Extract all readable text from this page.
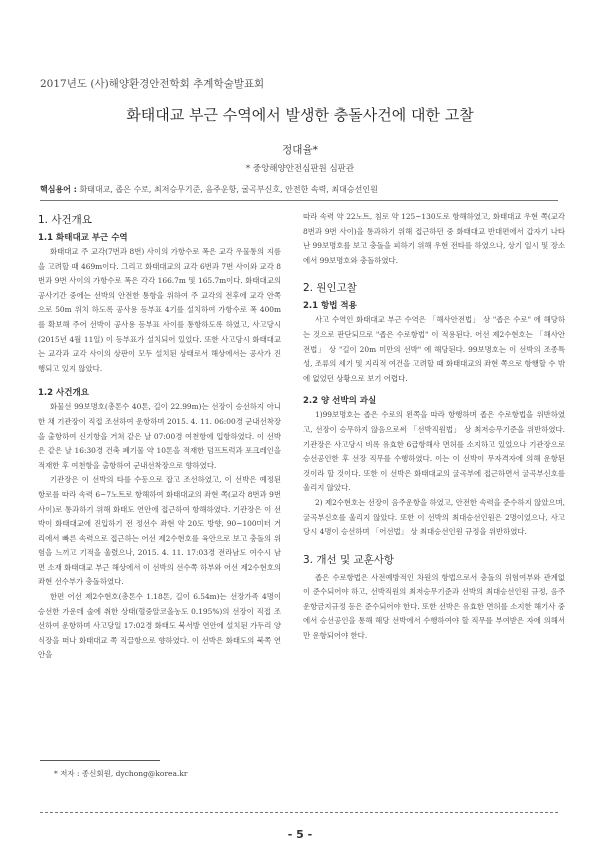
2017년도 (사)해양환경안전학회 추계학술발표회
화태대교 부근 수역에서 발생한 충돌사건에 대한 고찰
정대율*
* 중앙해양안전심판원 심판관
핵심용어 : 화태대교, 좁은 수로, 최저승무기준, 음주운항, 굴곡부신호, 안전한 속력, 최대승선인원
1. 사건개요
1.1 화태대교 부근 수역

화태대교 주 교각(7번과 8번) 사이의 가항수로 폭은 교각 우물통의 지름을 고려할 때 469m이다. 그리고 화태대교의 교각 6번과 7번 사이와 교각 8번과 9번 사이의 가항수로 폭은 각각 166.7m 및 165.7m이다. 화태대교의 공사기간 중에는 선박의 안전한 통항을 위하여 주 교각의 전후에 교각 안쪽으로 50m 위치 하도록 공사용 등부표 4기를 설치하여 가항수로 폭 400m를 확보해 주어 선박이 공사용 등부표 사이를 통항하도록 하였고, 사고당시(2015년 4월 11일) 이 등부표가 설치되어 있었다. 또한 사고당시 화태대교는 교각과 교각 사이의 상판이 모두 설치된 상태로서 해상에서는 공사가 진행되고 있지 않았다.

1.2 사건개요

화물선 99보명호(총톤수 40톤, 길이 22.99m)는 선장이 승선하지 아니한 채 기관장이 직접 조선하여 운항하며 2015. 4. 11. 06:00경 군내선착장을 출항하여 신기항을 거쳐 같은 날 07:00경 여천항에 입항하였다. 이 선박은 같은 날 16:30경 건축 폐기물 약 10톤을 적재한 덤프트럭과 포크레인을 적재한 후 여천항을 출항하여 군내선착장으로 향하였다.

기관장은 이 선박의 타를 수동으로 잡고 조선하였고, 이 선박은 예정된 항로를 따라 속력 6~7노트로 항해하여 화태대교의 좌현 쪽(교각 8번과 9번 사이)로 통과하기 위해 화태도 연안에 접근하여 항해하였다. 기관장은 이 선박이 화태대교에 진입하기 전 정선수 좌현 약 20도 방향, 90~100미터 거리에서 빠른 속력으로 접근하는 어선 제2수현호를 육안으로 보고 충돌의 위험을 느끼고 기적을 울렸으나, 2015. 4. 11. 17:03경 전라남도 여수시 남면 소재 화태대교 부근 해상에서 이 선박의 선수쪽 하부와 어선 제2수현호의 좌현 선수부가 충돌하였다.

한편 어선 제2수현호(총톤수 1.18톤, 길이 6.54m)는 선장가족 4명이 승선한 가운데 술에 취한 상태(혈중알코올농도 0.195%)의 선장이 직접 조선하여 운항하며 사고당일 17:02경 화태도 북서방 연안에 설치된 가두리 양식장을 떠나 화태대교 쪽 직끌항으로 향하였다. 이 선박은 화태도의 북쪽 연안을

따라 속력 약 22노트, 침로 약 125~130도로 항해하였고, 화태대교 우현 쪽(교각 8번과 9번 사이)을 통과하기 위해 접근하던 중 화태대교 반대편에서 갑자기 나타난 99보명호를 보고 충돌을 피하기 위해 우현 전타를 하였으나, 상기 일시 및 장소에서 99보명호와 충돌하였다.

2. 원인고찰
2.1 항법 적용

사고 수역인 화태대교 부근 수역은 「해사안전법」 상 "좁은 수로" 에 해당하는 것으로 판단되므로 "좁은 수로항법" 이 적용된다. 어선 제2수현호는 「해사안전법」 상 "길이 20m 미만의 선박" 에 해당된다. 99보명호는 이 선박의 조종특성, 조류의 세기 및 지리적 여건을 고려할 때 화태대교의 좌현 쪽으로 항행할 수 밖에 없었던 상황으로 보기 어렵다.

2.2 양 선박의 과실

1)99보명호는 좁은 수로의 왼쪽을 따라 항행하며 좁은 수로항법을 위반하였고, 선장이 승무하지 않음으로써 「선박직원법」 상 최저승무기준을 위반하였다. 기관장은 사고당시 비록 유효한 6급항해사 면허를 소지하고 있었으나 기관장으로 승선공인한 후 선장 직무를 수행하였다. 이는 이 선박이 무자격자에 의해 운항된 것이라 할 것이다. 또한 이 선박은 화태대교의 굴곡부에 접근하면서 굴곡부신호를 울리지 않았다.

2) 제2수현호는 선장이 음주운항을 하였고, 안전한 속력을 준수하지 않았으며, 굴곡부신호를 울리지 않았다. 또한 이 선박의 최대승선인원은 2명이었으나, 사고당시 4명이 승선하며 「어선법」 상 최대승선인원 규정을 위반하였다.

3. 개선 및 교훈사항

좁은 수로항법은 사전예방적인 차원의 항법으로서 충돌의 위험여부와 관계없이 준수되어야 하고, 선박직원의 최저승무기준과 선박의 최대승선인원 규정, 음주운항금지규정 등은 준수되어야 한다. 또한 선박은 유효한 면허를 소지한 해기사 중에서 승선공인을 통해 해당 선박에서 수행하여야 할 직무를 부여받은 자에 의해서만 운항되어야 한다.

* 저자 : 종신회원, dychong@korea.kr
- 5 -
